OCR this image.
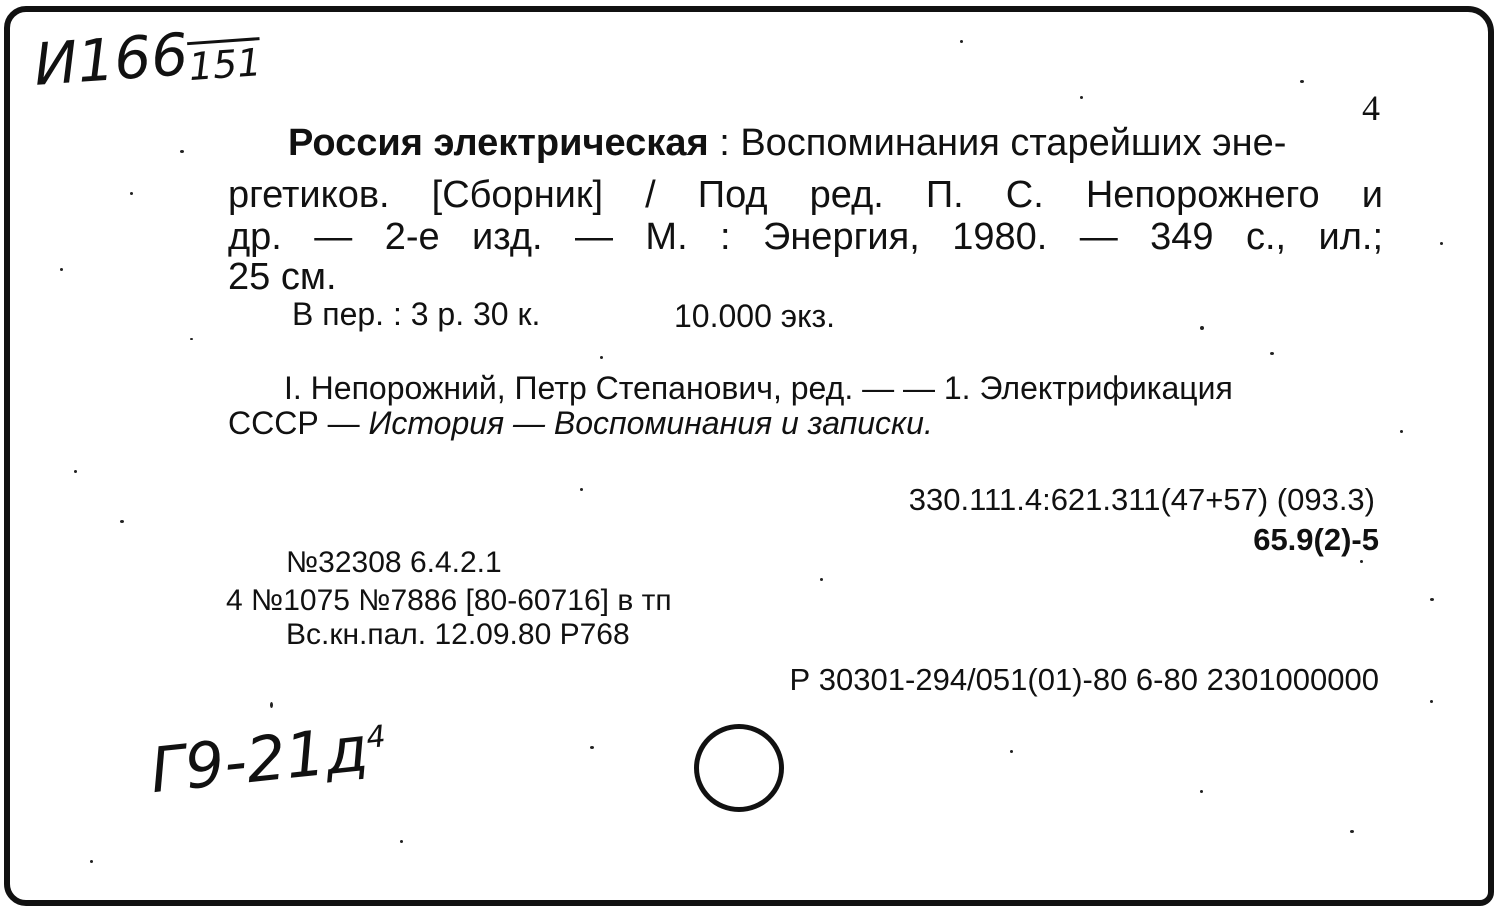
И166151
4
Россия электрическая : Воспоминания старейших эне-
ргетиков. [Сборник] / Под ред. П. С. Непорожнего и
др. — 2-е изд. — М. : Энергия, 1980. — 349 с., ил.;
25 см.
В пер. : 3 р. 30 к.	10.000 экз.
I. Непорожний, Петр Степанович, ред. — — 1. Электрификация
СССР — История — Воспоминания и записки.
330.111.4:621.311(47+57) (093.3)
65.9(2)-5
№32308 6.4.2.1
4 №1075 №7886 [80-60716] в тп
Вс.кн.пал. 12.09.80 Р768
Р 30301-294/051(01)-80 6-80 2301000000
$Г9-21д^4$
